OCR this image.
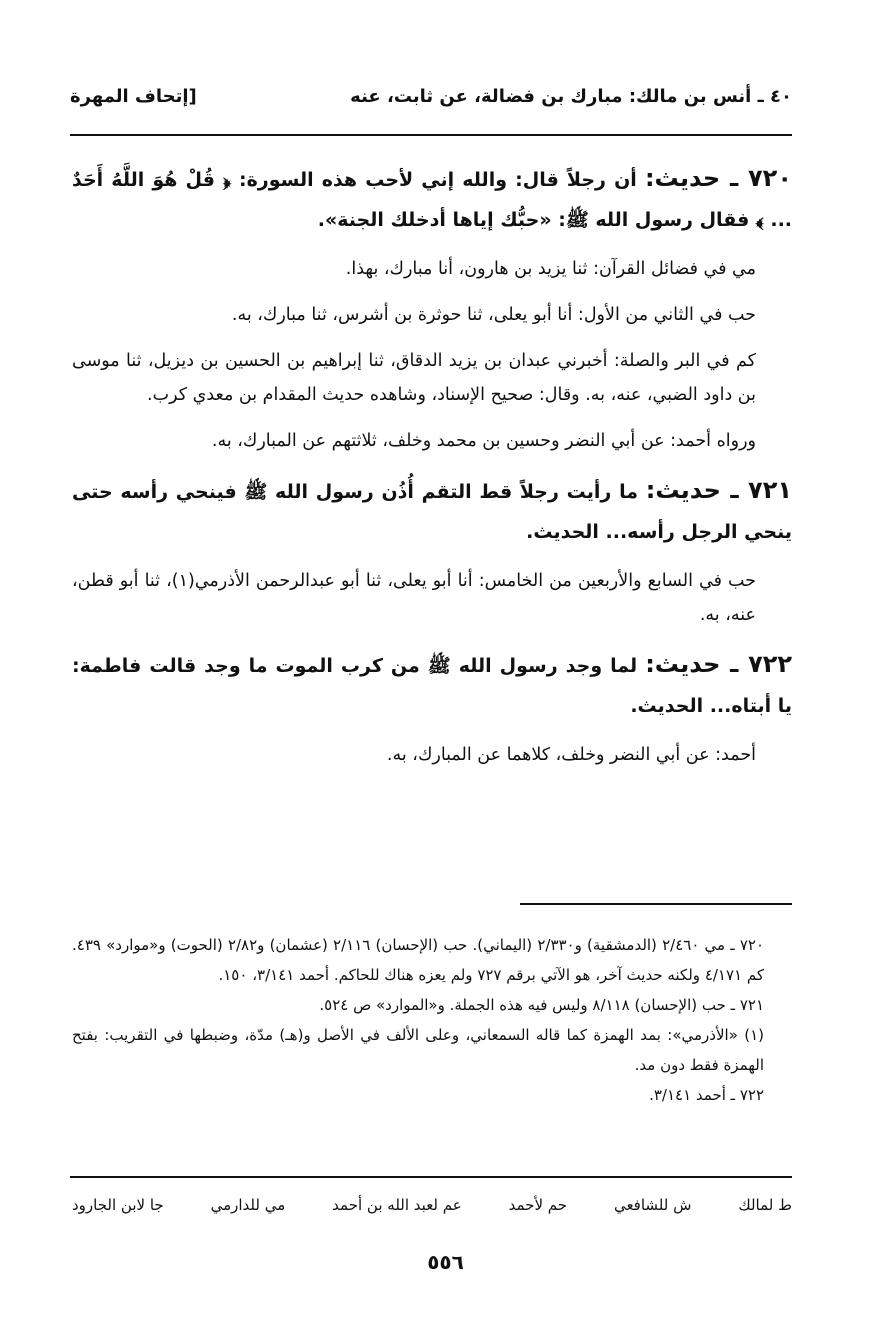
٤٠ ـ أنس بن مالك: مبارك بن فضالة، عن ثابت، عنه
[إتحاف المهرة

٧٢٠ ـ حديث: أن رجلاً قال: والله إني لأحب هذه السورة: ﴿ قُلْ هُوَ اللَّهُ أَحَدٌ ... ﴾ فقال رسول الله ﷺ: «حبُّك إياها أدخلك الجنة».

مي في فضائل القرآن: ثنا يزيد بن هارون، أنا مبارك، بهذا.

حب في الثاني من الأول: أنا أبو يعلى، ثنا حوثرة بن أشرس، ثنا مبارك، به.

كم في البر والصلة: أخبرني عبدان بن يزيد الدقاق، ثنا إبراهيم بن الحسين بن ديزيل، ثنا موسى بن داود الضبي، عنه، به. وقال: صحيح الإسناد، وشاهده حديث المقدام بن معدي كرب.

ورواه أحمد: عن أبي النضر وحسين بن محمد وخلف، ثلاثتهم عن المبارك، به.

٧٢١ ـ حديث: ما رأيت رجلاً قط التقم أُذُن رسول الله ﷺ فينحي رأسه حتى ينحي الرجل رأسه... الحديث.

حب في السابع والأربعين من الخامس: أنا أبو يعلى، ثنا أبو عبدالرحمن الأذرمي(١)، ثنا أبو قطن، عنه، به.

٧٢٢ ـ حديث: لما وجد رسول الله ﷺ من كرب الموت ما وجد قالت فاطمة: يا أبتاه... الحديث.

أحمد: عن أبي النضر وخلف، كلاهما عن المبارك، به.

٧٢٠ ـ مي ٢/٤٦٠ (الدمشقية) و٢/٣٣٠ (اليماني). حب (الإحسان) ٢/١١٦ (عشمان) و٢/٨٢ (الحوت) و«موارد» ٤٣٩. كم ٤/١٧١ ولكنه حديث آخر، هو الآتي برقم ٧٢٧ ولم يعزه هناك للحاكم. أحمد ٣/١٤١، ١٥٠.

٧٢١ ـ حب (الإحسان) ٨/١١٨ وليس فيه هذه الجملة. و«الموارد» ص ٥٢٤.

(١) «الأذرمي»: بمد الهمزة كما قاله السمعاني، وعلى الألف في الأصل و(هـ) مدّة، وضبطها في التقريب: بفتح الهمزة فقط دون مد.

٧٢٢ ـ أحمد ٣/١٤١.

ط لمالك
ش للشافعي
حم لأحمد
عم لعبد الله بن أحمد
مي للدارمي
جا لابن الجارود
٥٥٦
